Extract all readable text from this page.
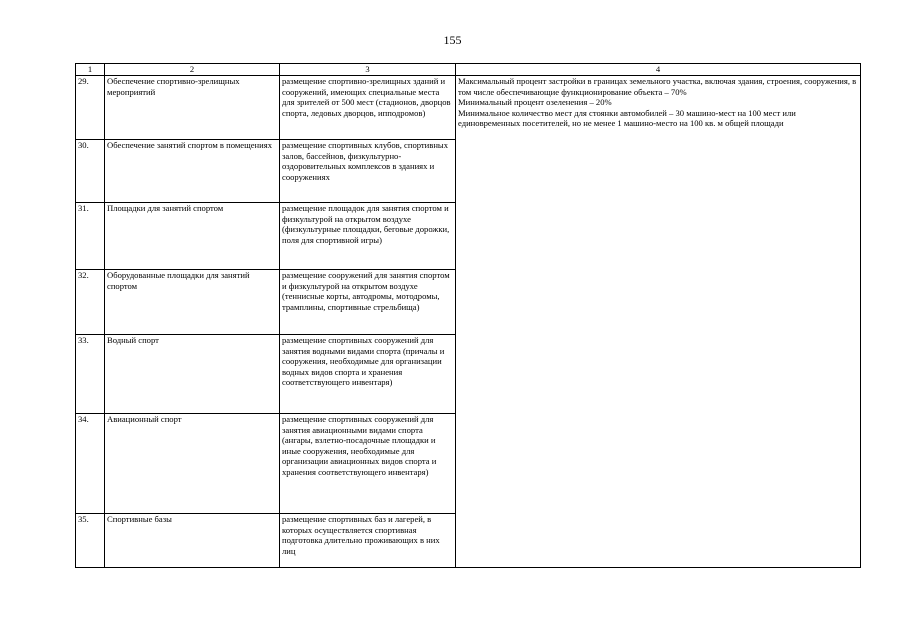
155
1	2	3	4
29.	Обеспечение спортивно-зрелищных мероприятий	размещение спортивно-зрелищных зданий и сооружений, имеющих специальные места для зрителей от 500 мест (стадионов, дворцов спорта, ледовых дворцов, ипподромов)	Максимальный процент застройки в границах земельного участка, включая здания, строения, сооружения, в том числе обеспечивающие функционирование объекта – 70%
Минимальный процент озеленения – 20%
Минимальное количество мест для стоянки автомобилей – 30 машино-мест на 100 мест или единовременных посетителей, но не менее 1 машино-место на 100 кв. м общей площади

30.	Обеспечение занятий спортом в помещениях	размещение спортивных клубов, спортивных залов, бассейнов, физкультурно-оздоровительных комплексов в зданиях и сооружениях	
31.	Площадки для занятий спортом	размещение площадок для занятия спортом и физкультурой на открытом воздухе (физкультурные площадки, беговые дорожки, поля для спортивной игры)	
32.	Оборудованные площадки для занятий спортом	размещение сооружений для занятия спортом и физкультурой на открытом воздухе (теннисные корты, автодромы, мотодромы, трамплины, спортивные стрельбища)	
33.	Водный спорт	размещение спортивных сооружений для занятия водными видами спорта (причалы и сооружения, необходимые для организации водных видов спорта и хранения соответствующего инвентаря)	
34.	Авиационный спорт	размещение спортивных сооружений для занятия авиационными видами спорта (ангары, взлетно-посадочные площадки и иные сооружения, необходимые для организации авиационных видов спорта и хранения соответствующего инвентаря)	
35.	Спортивные базы	размещение спортивных баз и лагерей, в которых осуществляется спортивная подготовка длительно проживающих в них лиц	
